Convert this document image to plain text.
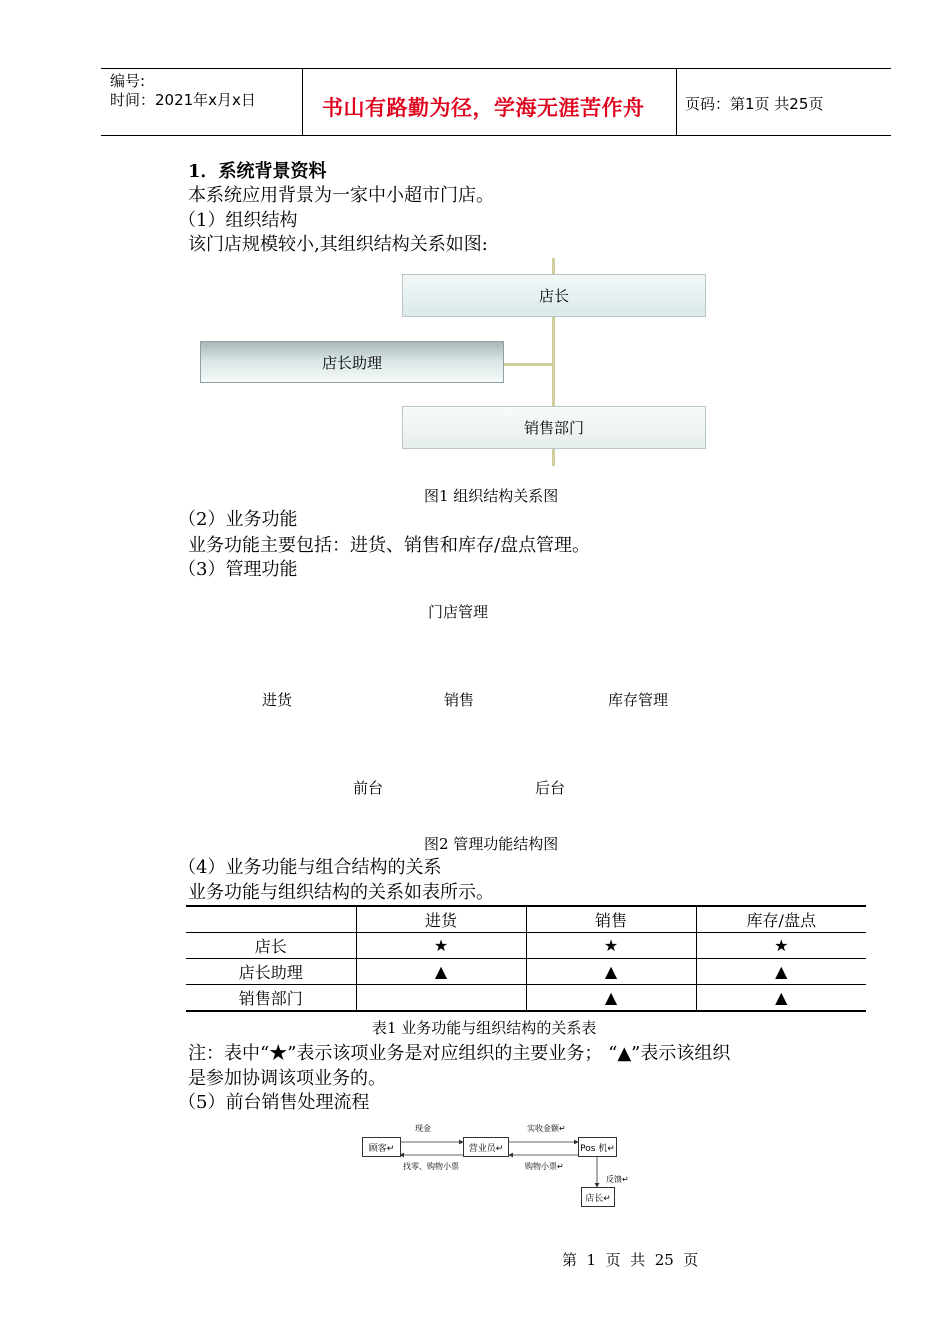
编号:
时间：2021年x月x日	书山有路勤为径，学海无涯苦作舟	页码：第1页 共25页
1．系统背景资料
本系统应用背景为一家中小超市门店。
（1）组织结构
该门店规模较小,其组织结构关系如图:
店长
店长助理
销售部门
图1 组织结构关系图
（2）业务功能
业务功能主要包括：进货、销售和库存/盘点管理。
（3）管理功能
门店管理
进货	销售	库存管理
前台	后台
图2 管理功能结构图
（4）业务功能与组合结构的关系
业务功能与组织结构的关系如表所示。
	进货	销售	库存/盘点
店长	★	★	★
店长助理	▲	▲	▲
销售部门		▲	▲
表1 业务功能与组织结构的关系表
注：表中“★”表示该项业务是对应组织的主要业务； “▲”表示该组织
是参加协调该项业务的。
（5）前台销售处理流程
顾客↵	营业员↵	Pos 机↵
店长↵
现金	实收金额↵
找零、购物小票	购物小票↵
反馈↵
第  1  页  共  25  页
